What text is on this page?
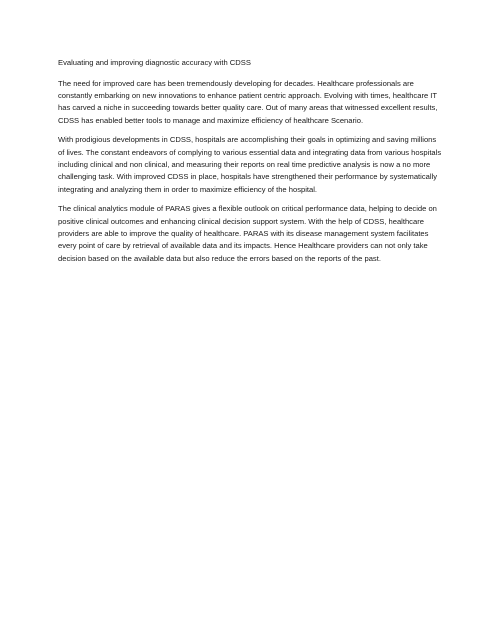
Evaluating and improving diagnostic accuracy with CDSS

The need for improved care has been tremendously developing for decades. Healthcare professionals are constantly embarking on new innovations to enhance patient centric approach. Evolving with times, healthcare IT has carved a niche in succeeding towards better quality care. Out of many areas that witnessed excellent results, CDSS has enabled better tools to manage and maximize efficiency of healthcare Scenario.

With prodigious developments in CDSS, hospitals are accomplishing their goals in optimizing and saving millions of lives. The constant endeavors of complying to various essential data and integrating data from various hospitals including clinical and non clinical, and measuring their reports on real time predictive analysis is now a no more challenging task. With improved CDSS in place, hospitals have strengthened their performance by systematically integrating and analyzing them in order to maximize efficiency of the hospital.

The clinical analytics module of PARAS gives a flexible outlook on critical performance data, helping to decide on positive clinical outcomes and enhancing clinical decision support system. With the help of CDSS, healthcare providers are able to improve the quality of healthcare. PARAS with its disease management system facilitates every point of care by retrieval of available data and its impacts. Hence Healthcare providers can not only take decision based on the available data but also reduce the errors based on the reports of the past.
